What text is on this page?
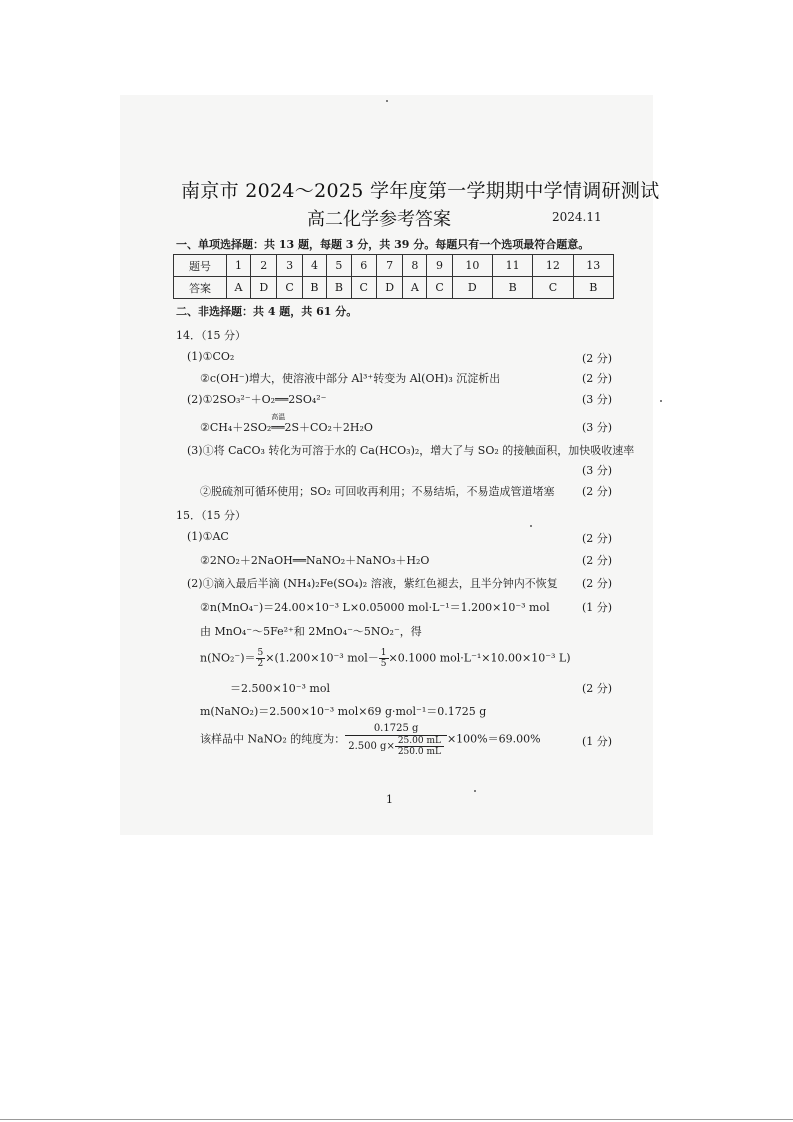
南京市 2024～2025 学年度第一学期期中学情调研测试
高二化学参考答案	2024.11
一、单项选择题：共 13 题，每题 3 分，共 39 分。每题只有一个选项最符合题意。
题号	1	2	3	4	5	6	7	8	9	10	11	12	13
答案	A	D	C	B	B	C	D	A	C	D	B	C	B
二、非选择题：共 4 题，共 61 分。
14．（15 分）
(1)①CO₂	(2 分)
②c(OH⁻)增大，使溶液中部分 Al³⁺转变为 Al(OH)₃ 沉淀析出	(2 分)
(2)①2SO₃²⁻＋O₂══2SO₄²⁻	(3 分)
②CH₄＋2SO₂
高温
══2S＋CO₂＋2H₂O	(3 分)
(3)①将 CaCO₃ 转化为可溶于水的 Ca(HCO₃)₂，增大了与 SO₂ 的接触面积，加快吸收速率
(3 分)
②脱硫剂可循环使用；SO₂ 可回收再利用；不易结垢，不易造成管道堵塞	(2 分)
15．（15 分）
(1)①AC	(2 分)
②2NO₂＋2NaOH══NaNO₂＋NaNO₃＋H₂O	(2 分)
(2)①滴入最后半滴 (NH₄)₂Fe(SO₄)₂ 溶液，紫红色褪去，且半分钟内不恢复 (2 分)
②n(MnO₄⁻)＝24.00×10⁻³ L×0.05000 mol·L⁻¹＝1.200×10⁻³ mol	(1 分)
由 MnO₄⁻～5Fe²⁺和 2MnO₄⁻～5NO₂⁻，得
$n(NO_2^-)= \frac{5}{2} \times(1.200\times 10^{-3}$ $mol- \frac{1}{5} \times 0.1000$ mol·L⁻¹×10.00×10⁻³ L)
＝2.500×10⁻³ mol	(2 分)
m(NaNO₂)＝2.500×10⁻³ mol×69 g·mol⁻¹＝0.1725 g
该样品中 NaNO₂ 的纯度为： $\frac{0.1725 g}{2.500 g\times \frac{25.00 mL}{250.0 mL}} \times 100\%=69.00\%$	(1 分)
1
